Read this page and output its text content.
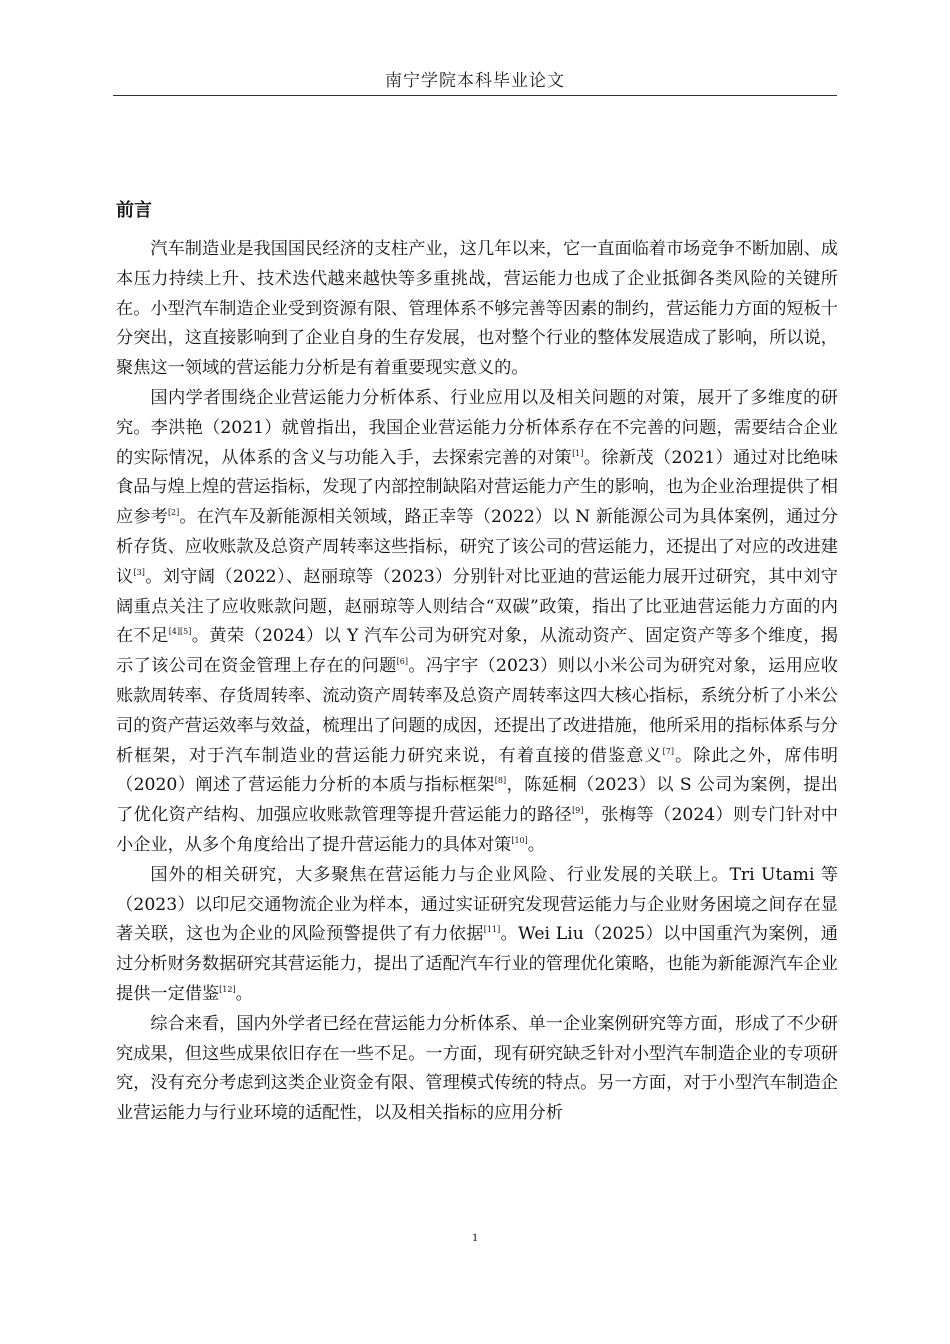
南宁学院本科毕业论文
前言

汽车制造业是我国国民经济的支柱产业，这几年以来，它一直面临着市场竞争不断加剧、成本压力持续上升、技术迭代越来越快等多重挑战，营运能力也成了企业抵御各类风险的关键所在。小型汽车制造企业受到资源有限、管理体系不够完善等因素的制约，营运能力方面的短板十分突出，这直接影响到了企业自身的生存发展，也对整个行业的整体发展造成了影响，所以说，聚焦这一领域的营运能力分析是有着重要现实意义的。

国内学者围绕企业营运能力分析体系、行业应用以及相关问题的对策，展开了多维度的研究。李洪艳（2021）就曾指出，我国企业营运能力分析体系存在不完善的问题，需要结合企业的实际情况，从体系的含义与功能入手，去探索完善的对策[1]。徐新茂（2021）通过对比绝味食品与煌上煌的营运指标，发现了内部控制缺陷对营运能力产生的影响，也为企业治理提供了相应参考[2]。在汽车及新能源相关领域，路正幸等（2022）以 N 新能源公司为具体案例，通过分析存货、应收账款及总资产周转率这些指标，研究了该公司的营运能力，还提出了对应的改进建议[3]。刘守阔（2022）、赵丽琼等（2023）分别针对比亚迪的营运能力展开过研究，其中刘守阔重点关注了应收账款问题，赵丽琼等人则结合“双碳”政策，指出了比亚迪营运能力方面的内在不足[4][5]。黄荣（2024）以 Y 汽车公司为研究对象，从流动资产、固定资产等多个维度，揭示了该公司在资金管理上存在的问题[6]。冯宇宇（2023）则以小米公司为研究对象，运用应收账款周转率、存货周转率、流动资产周转率及总资产周转率这四大核心指标，系统分析了小米公司的资产营运效率与效益，梳理出了问题的成因，还提出了改进措施，他所采用的指标体系与分析框架，对于汽车制造业的营运能力研究来说，有着直接的借鉴意义[7]。除此之外，席伟明（2020）阐述了营运能力分析的本质与指标框架[8]，陈延桐（2023）以 S 公司为案例，提出了优化资产结构、加强应收账款管理等提升营运能力的路径[9]，张梅等（2024）则专门针对中小企业，从多个角度给出了提升营运能力的具体对策[10]。

国外的相关研究，大多聚焦在营运能力与企业风险、行业发展的关联上。Tri Utami 等（2023）以印尼交通物流企业为样本，通过实证研究发现营运能力与企业财务困境之间存在显著关联，这也为企业的风险预警提供了有力依据[11]。Wei Liu（2025）以中国重汽为案例，通过分析财务数据研究其营运能力，提出了适配汽车行业的管理优化策略，也能为新能源汽车企业提供一定借鉴[12]。

综合来看，国内外学者已经在营运能力分析体系、单一企业案例研究等方面，形成了不少研究成果，但这些成果依旧存在一些不足。一方面，现有研究缺乏针对小型汽车制造企业的专项研究，没有充分考虑到这类企业资金有限、管理模式传统的特点。另一方面，对于小型汽车制造企业营运能力与行业环境的适配性，以及相关指标的应用分析

1
